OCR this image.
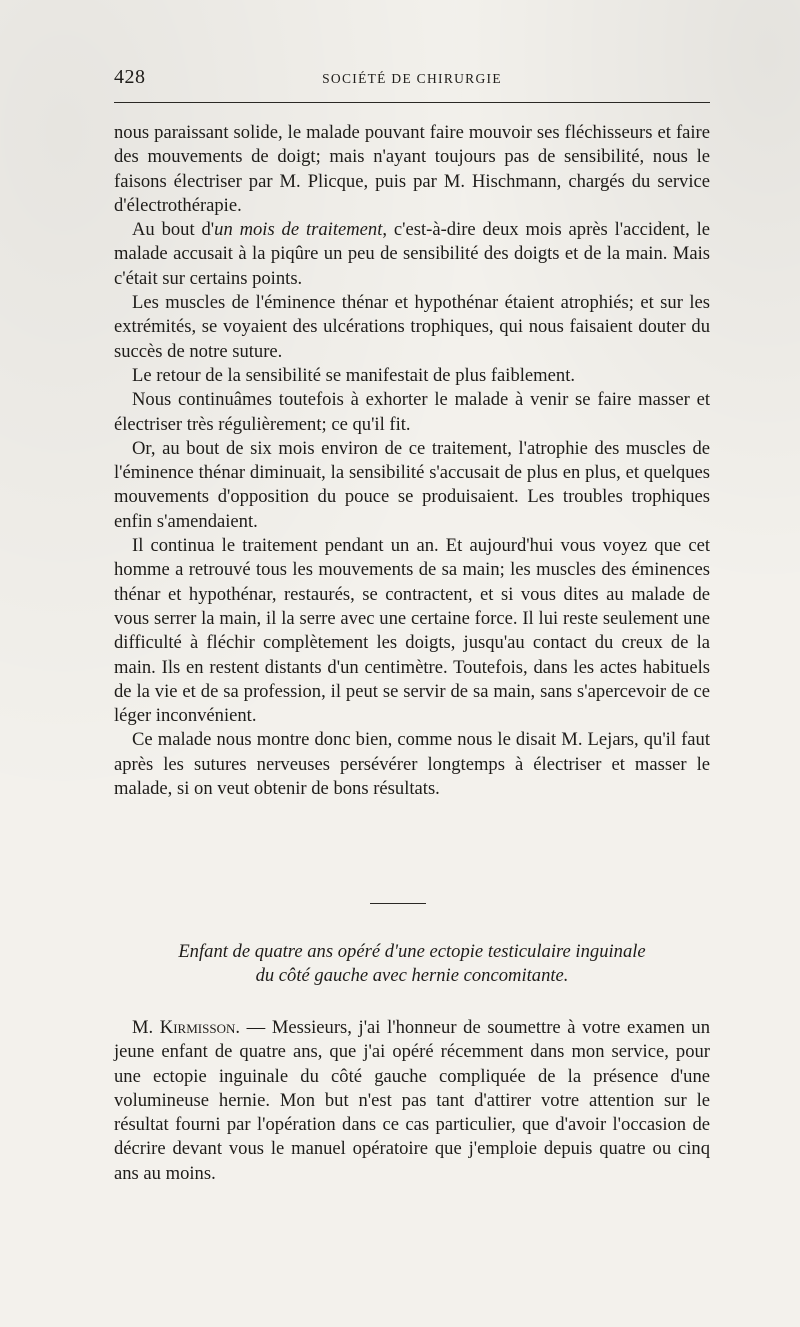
428	SOCIÉTÉ DE CHIRURGIE

nous paraissant solide, le malade pouvant faire mouvoir ses fléchisseurs et faire des mouvements de doigt; mais n'ayant toujours pas de sensibilité, nous le faisons électriser par M. Plicque, puis par M. Hischmann, chargés du service d'électrothérapie.

Au bout d'un mois de traitement, c'est-à-dire deux mois après l'accident, le malade accusait à la piqûre un peu de sensibilité des doigts et de la main. Mais c'était sur certains points.

Les muscles de l'éminence thénar et hypothénar étaient atrophiés; et sur les extrémités, se voyaient des ulcérations trophiques, qui nous faisaient douter du succès de notre suture.

Le retour de la sensibilité se manifestait de plus faiblement.

Nous continuâmes toutefois à exhorter le malade à venir se faire masser et électriser très régulièrement; ce qu'il fit.

Or, au bout de six mois environ de ce traitement, l'atrophie des muscles de l'éminence thénar diminuait, la sensibilité s'accusait de plus en plus, et quelques mouvements d'opposition du pouce se produisaient. Les troubles trophiques enfin s'amendaient.

Il continua le traitement pendant un an. Et aujourd'hui vous voyez que cet homme a retrouvé tous les mouvements de sa main; les muscles des éminences thénar et hypothénar, restaurés, se contractent, et si vous dites au malade de vous serrer la main, il la serre avec une certaine force. Il lui reste seulement une difficulté à fléchir complètement les doigts, jusqu'au contact du creux de la main. Ils en restent distants d'un centimètre. Toutefois, dans les actes habituels de la vie et de sa profession, il peut se servir de sa main, sans s'apercevoir de ce léger inconvénient.

Ce malade nous montre donc bien, comme nous le disait M. Lejars, qu'il faut après les sutures nerveuses persévérer longtemps à électriser et masser le malade, si on veut obtenir de bons résultats.

Enfant de quatre ans opéré d'une ectopie testiculaire inguinale
du côté gauche avec hernie concomitante.

M. Kirmisson. — Messieurs, j'ai l'honneur de soumettre à votre examen un jeune enfant de quatre ans, que j'ai opéré récemment dans mon service, pour une ectopie inguinale du côté gauche compliquée de la présence d'une volumineuse hernie. Mon but n'est pas tant d'attirer votre attention sur le résultat fourni par l'opération dans ce cas particulier, que d'avoir l'occasion de décrire devant vous le manuel opératoire que j'emploie depuis quatre ou cinq ans au moins.
